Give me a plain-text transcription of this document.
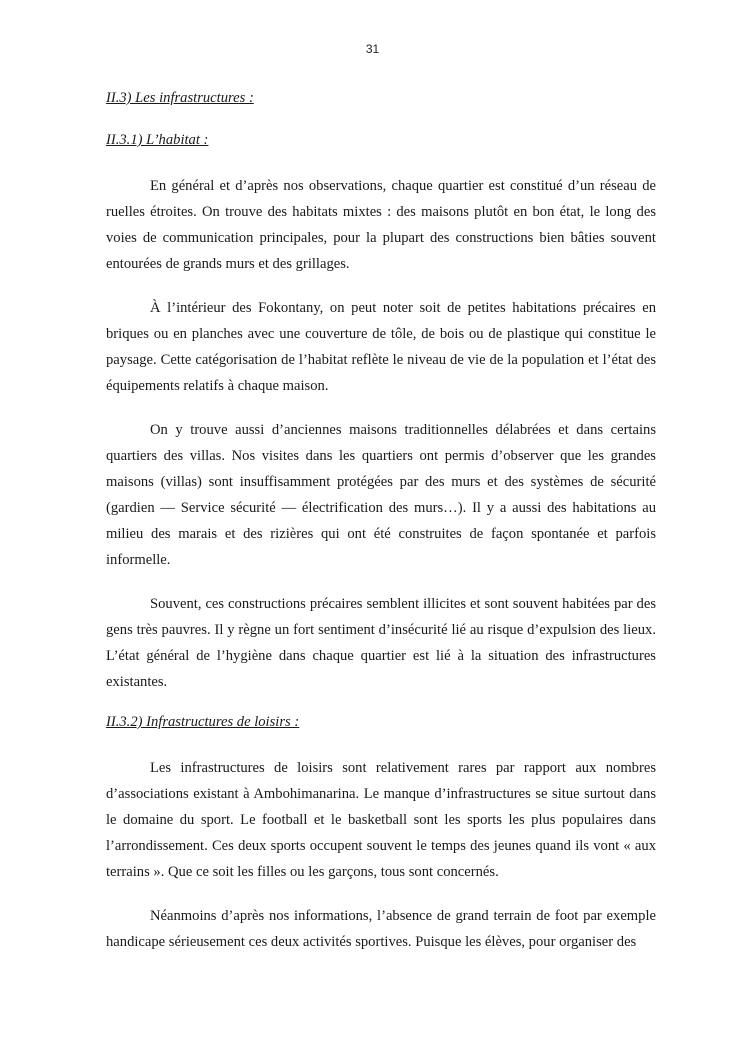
31
II.3) Les infrastructures :
II.3.1) L’habitat :

En général et d’après nos observations, chaque quartier est constitué d’un réseau de ruelles étroites. On trouve des habitats mixtes : des maisons plutôt en bon état, le long des voies de communication principales, pour la plupart des constructions bien bâties souvent entourées de grands murs et des grillages.

À l’intérieur des Fokontany, on peut noter soit de petites habitations précaires en briques ou en planches avec une couverture de tôle, de bois ou de plastique qui constitue le paysage. Cette catégorisation de l’habitat reflète le niveau de vie de la population et l’état des équipements relatifs à chaque maison.

On y trouve aussi d’anciennes maisons traditionnelles délabrées et dans certains quartiers des villas. Nos visites dans les quartiers ont permis d’observer que les grandes maisons (villas) sont insuffisamment protégées par des murs et des systèmes de sécurité (gardien — Service sécurité — électrification des murs…). Il y a aussi des habitations au milieu des marais et des rizières qui ont été construites de façon spontanée et parfois informelle.

Souvent, ces constructions précaires semblent illicites et sont souvent habitées par des gens très pauvres. Il y règne un fort sentiment d’insécurité lié au risque d’expulsion des lieux. L’état général de l’hygiène dans chaque quartier est lié à la situation des infrastructures existantes.

II.3.2) Infrastructures de loisirs :

Les infrastructures de loisirs sont relativement rares par rapport aux nombres d’associations existant à Ambohimanarina. Le manque d’infrastructures se situe surtout dans le domaine du sport. Le football et le basketball sont les sports les plus populaires dans l’arrondissement. Ces deux sports occupent souvent le temps des jeunes quand ils vont « aux terrains ». Que ce soit les filles ou les garçons, tous sont concernés.

Néanmoins d’après nos informations, l’absence de grand terrain de foot par exemple handicape sérieusement ces deux activités sportives. Puisque les élèves, pour organiser des
